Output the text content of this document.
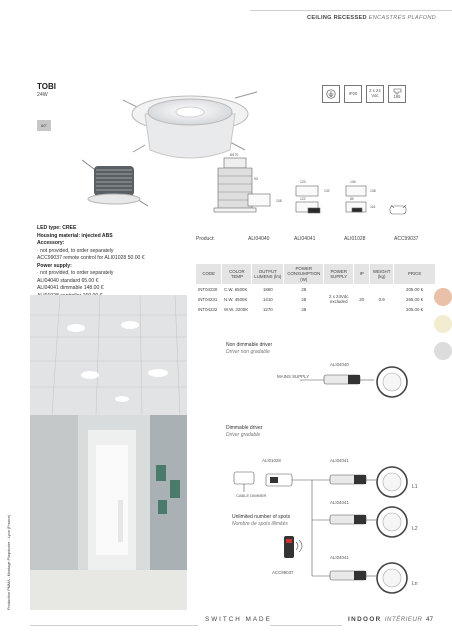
CEILING RECESSED ENCASTRÉS PLAFOND
TOBI
24W
60°
IP20	2 x 24 Vdc	165
Ø170
93
120
132
122
106
138
80
116
108
LED type: CREE
Housing material: injected ABS
Accessory:
· not provided, to order separately
ACC99037 remote control for ALI01028 50.00 €
Power supply:
· not provided, to order separately
ALI04040 standard 65.00 €
ALI04041 dimmable 148.00 €
Product:	ALI04040	ALI04041	ALI01028	ACC99037
CODE	COLOR TEMP	OUTPUT LUMENS (lm)	POWER CONSUMPTION (W)	POWER SUPPLY	IP	WEIGHT (kg)	PRICE
INT04230	C.W. 6500K	1860	28	2 x 24Vdc excluded	20	0.9	205.00 €
INT04231	N.W. 4500K	1410	28				265.00 €
INT04232	W.W. 3200K	1270	28				205.00 €
Non dimmable driver
Driver non gradable
ALI04040
MAINS SUPPLY
Dimmable driver
Driver gradable
ALI01028	ALI04041
ALI04041
ALI04041
CABLE DIMMER
Unlimited number of spots
Nombre de spots illimités
ACC99037
L1
L2
Ln
Production PMMA - Montage Plaquisoire - Lyon (France)
SWITCH MADE	INDOOR INTÉRIEUR 47
